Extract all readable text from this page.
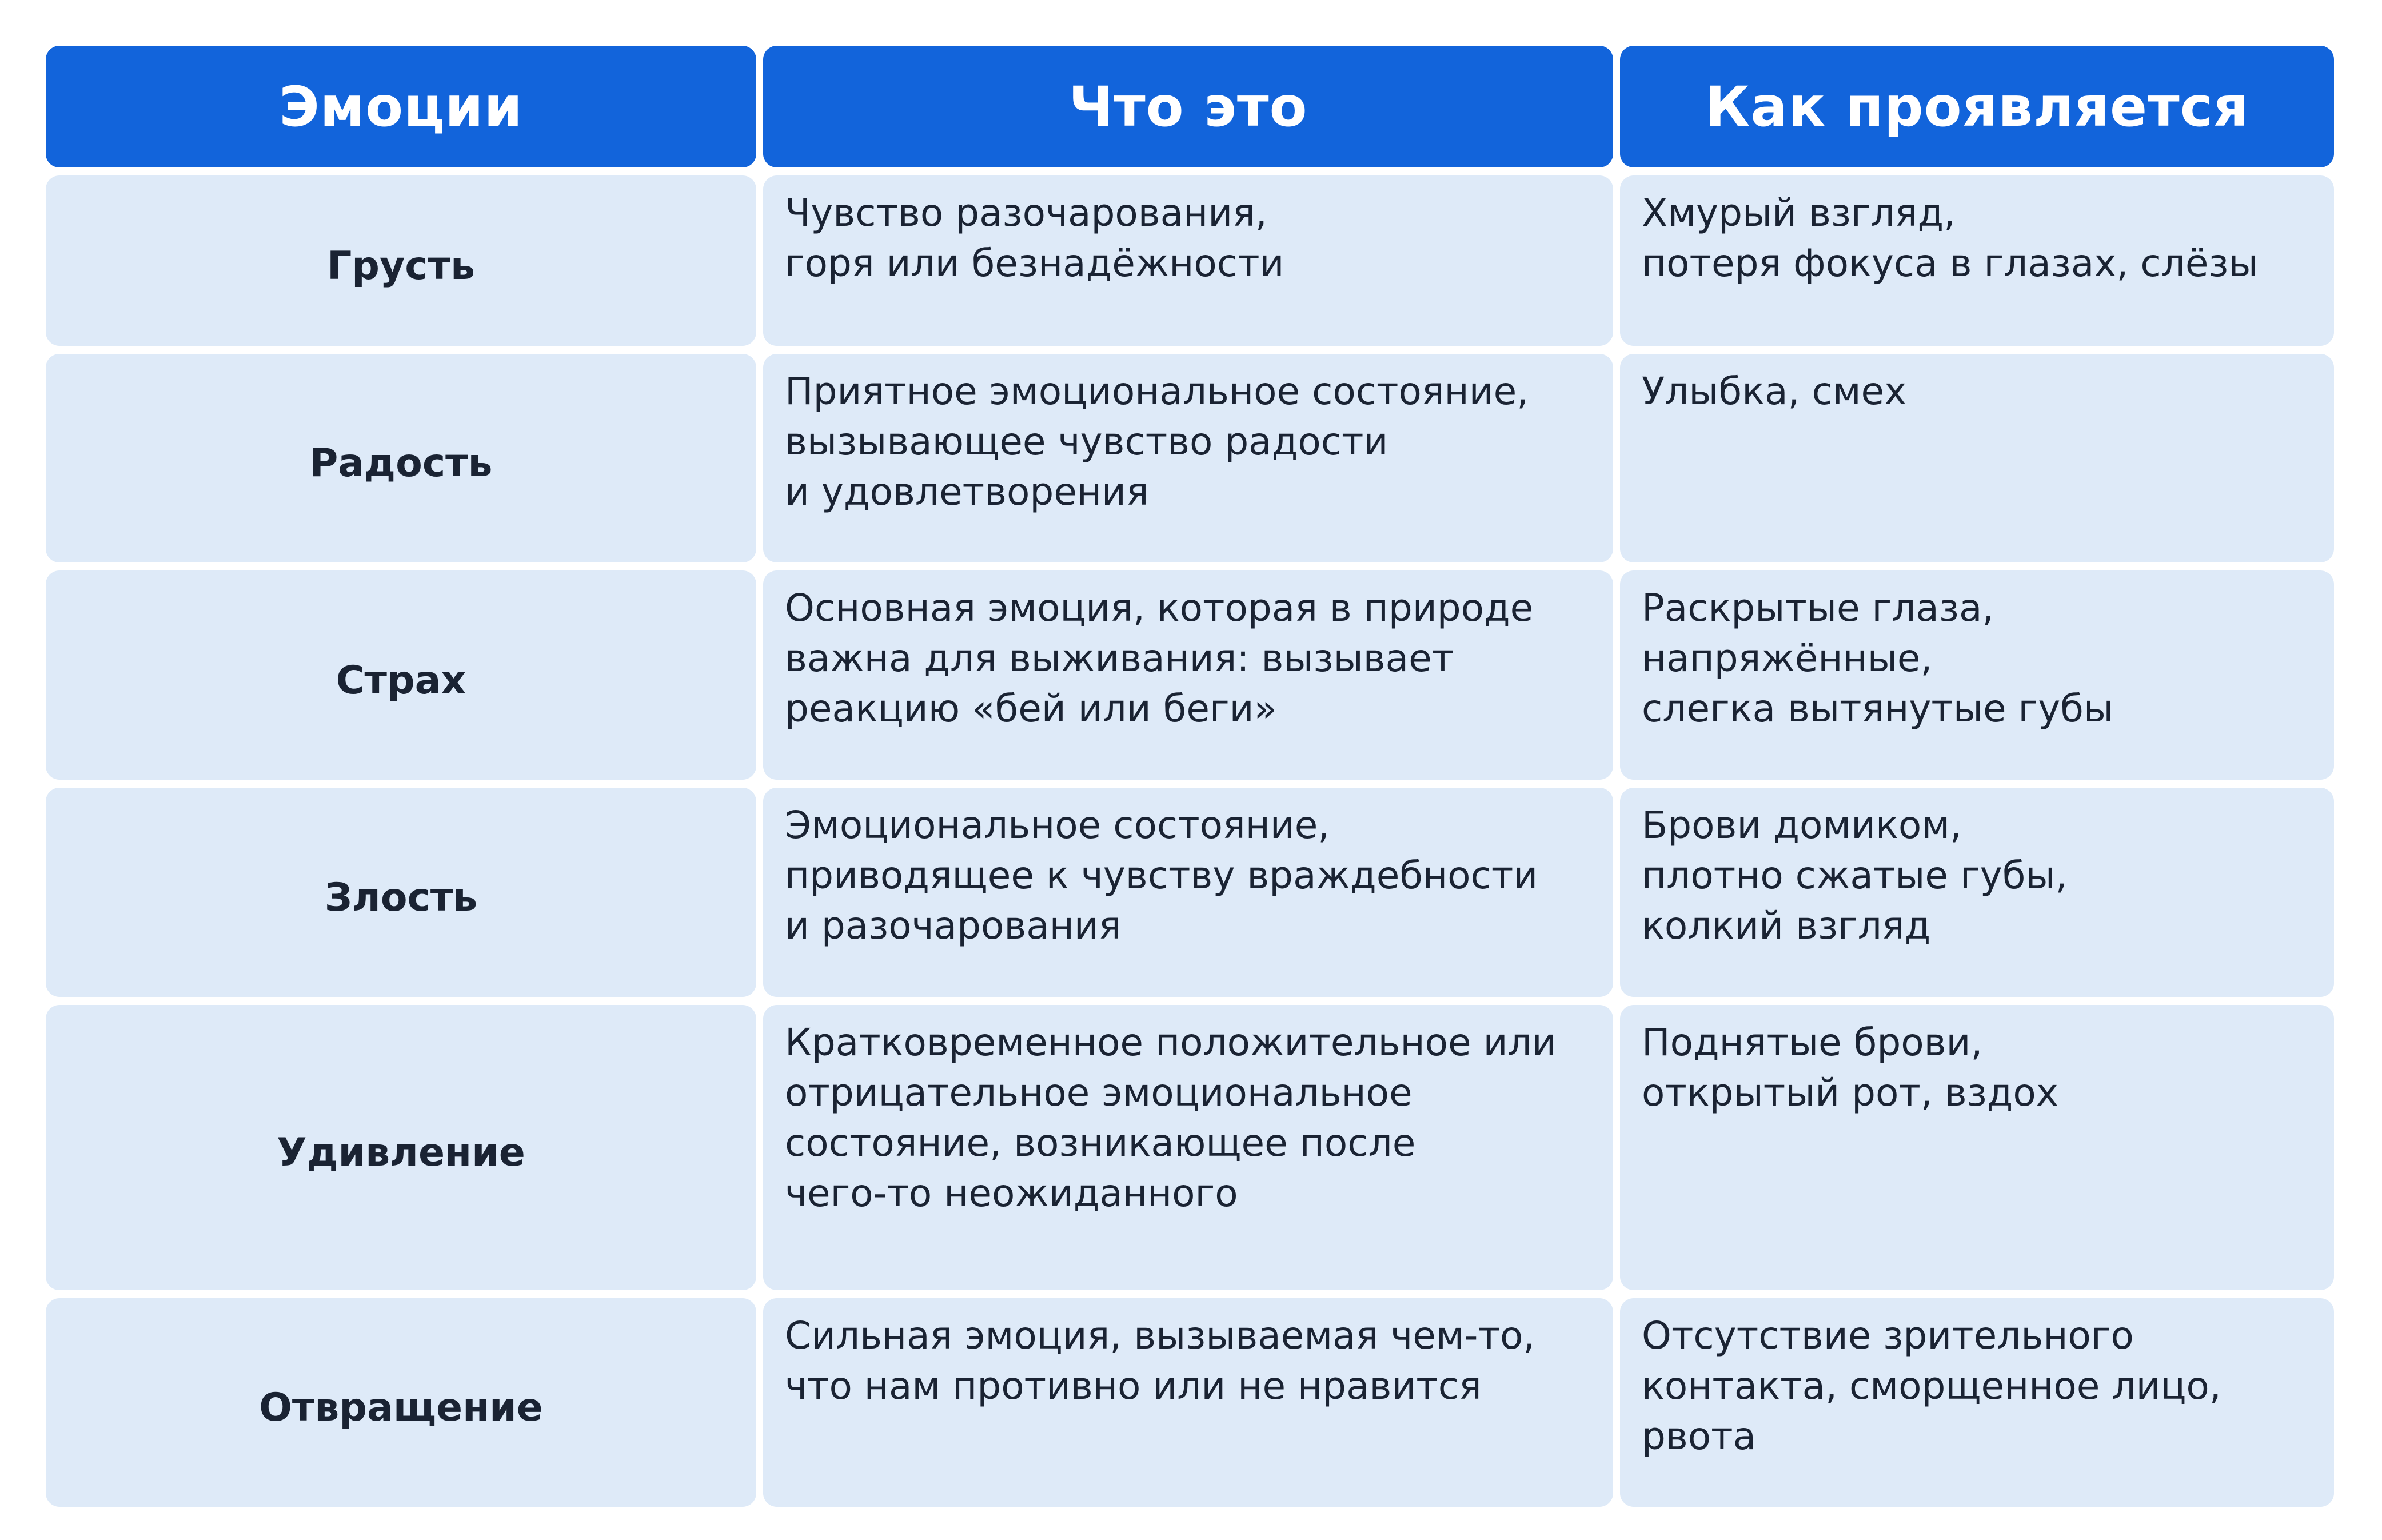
Эмоции	Что это	Как проявляется
Грусть
Чувство разочарования,
горя или безнадёжности
Хмурый взгляд,
потеря фокуса в глазах, слёзы
Радость
Приятное эмоциональное состояние,
вызывающее чувство радости
и удовлетворения
Улыбка, смех
Страх
Основная эмоция, которая в природе
важна для выживания: вызывает
реакцию «бей или беги»
Раскрытые глаза,
напряжённые,
слегка вытянутые губы
Злость
Эмоциональное состояние,
приводящее к чувству враждебности
и разочарования
Брови домиком,
плотно сжатые губы,
колкий взгляд
Удивление
Кратковременное положительное или
отрицательное эмоциональное
состояние, возникающее после
чего-то неожиданного
Поднятые брови,
открытый рот, вздох
Отвращение
Сильная эмоция, вызываемая чем-то,
что нам противно или не нравится
Отсутствие зрительного
контакта, сморщенное лицо,
рвота
